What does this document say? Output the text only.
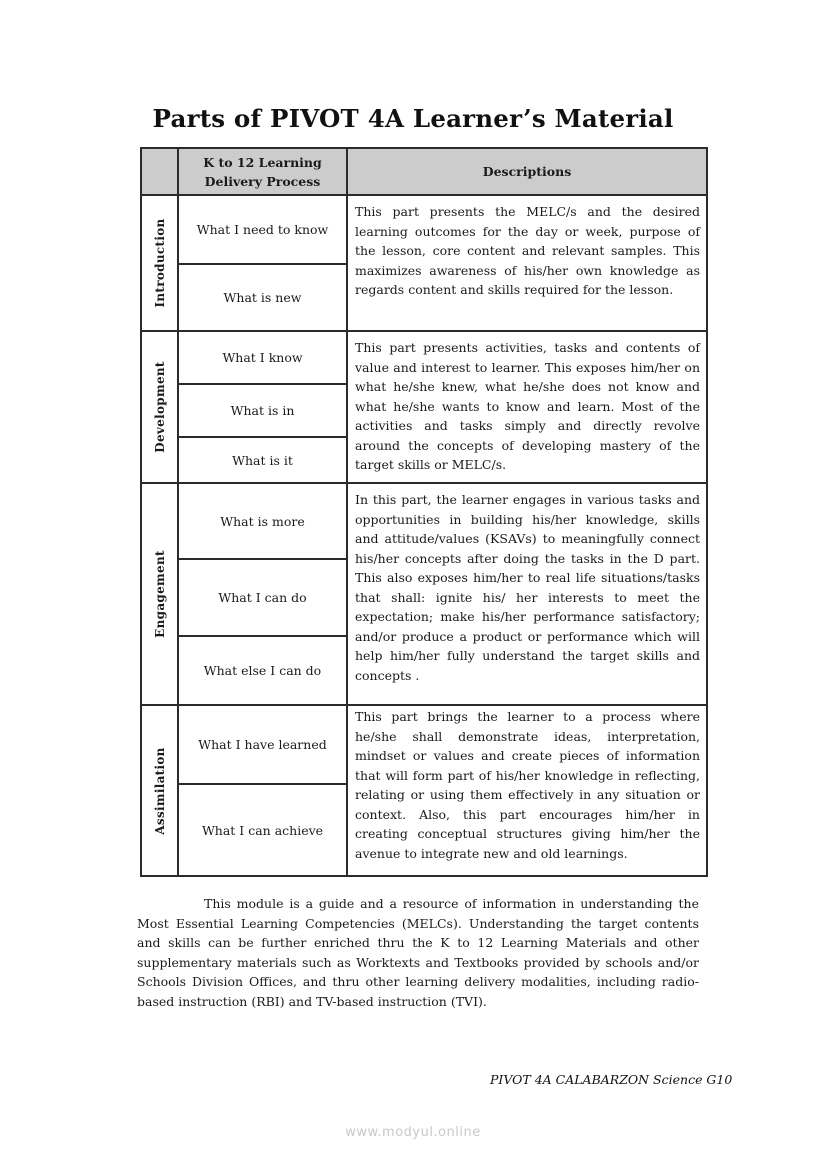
Parts of PIVOT 4A Learner’s Material
	K to 12 Learning Delivery Process	Descriptions

Introduction	What I need to know	This part presents the MELC/s and the desired learning outcomes for the day or week, purpose of the lesson, core content and relevant samples. This maximizes awareness of his/her own knowledge as regards content and skills required for the lesson.
	What is new	

Development	What I know	This part presents activities, tasks and contents of value and interest to learner. This exposes him/her on what he/she knew, what he/she does not know and what he/she wants to know and learn. Most of the activities and tasks simply and directly revolve around the concepts of developing mastery of the target skills or MELC/s.
	What is in	
	What is it	

Engagement	What is more	In this part, the learner engages in various tasks and opportunities in building his/her knowledge, skills and attitude/values (KSAVs) to meaningfully connect his/her concepts after doing the tasks in the D part. This also exposes him/her to real life situations/tasks that shall: ignite his/ her interests to meet the expectation; make his/her performance satisfactory; and/or produce a product or performance which will help him/her fully understand the target skills and concepts .
	What I can do	
	What else I can do	

Assimilation	What I have learned	This part brings the learner to a process where he/she shall demonstrate ideas, interpretation, mindset or values and create pieces of information that will form part of his/her knowledge in reflecting, relating or using them effectively in any situation or context. Also, this part encourages him/her in creating conceptual structures giving him/her the avenue to integrate new and old learnings.
	What I can achieve	
This module is a guide and a resource of information in understanding the Most Essential Learning Competencies (MELCs). Understanding the target contents and skills can be further enriched thru the K to 12 Learning Materials and other supplementary materials such as Worktexts and Textbooks provided by schools and/or Schools Division Offices, and thru other learning delivery modalities, including radio-based instruction (RBI) and TV-based instruction (TVI).
PIVOT 4A CALABARZON Science G10
www.modyul.online
